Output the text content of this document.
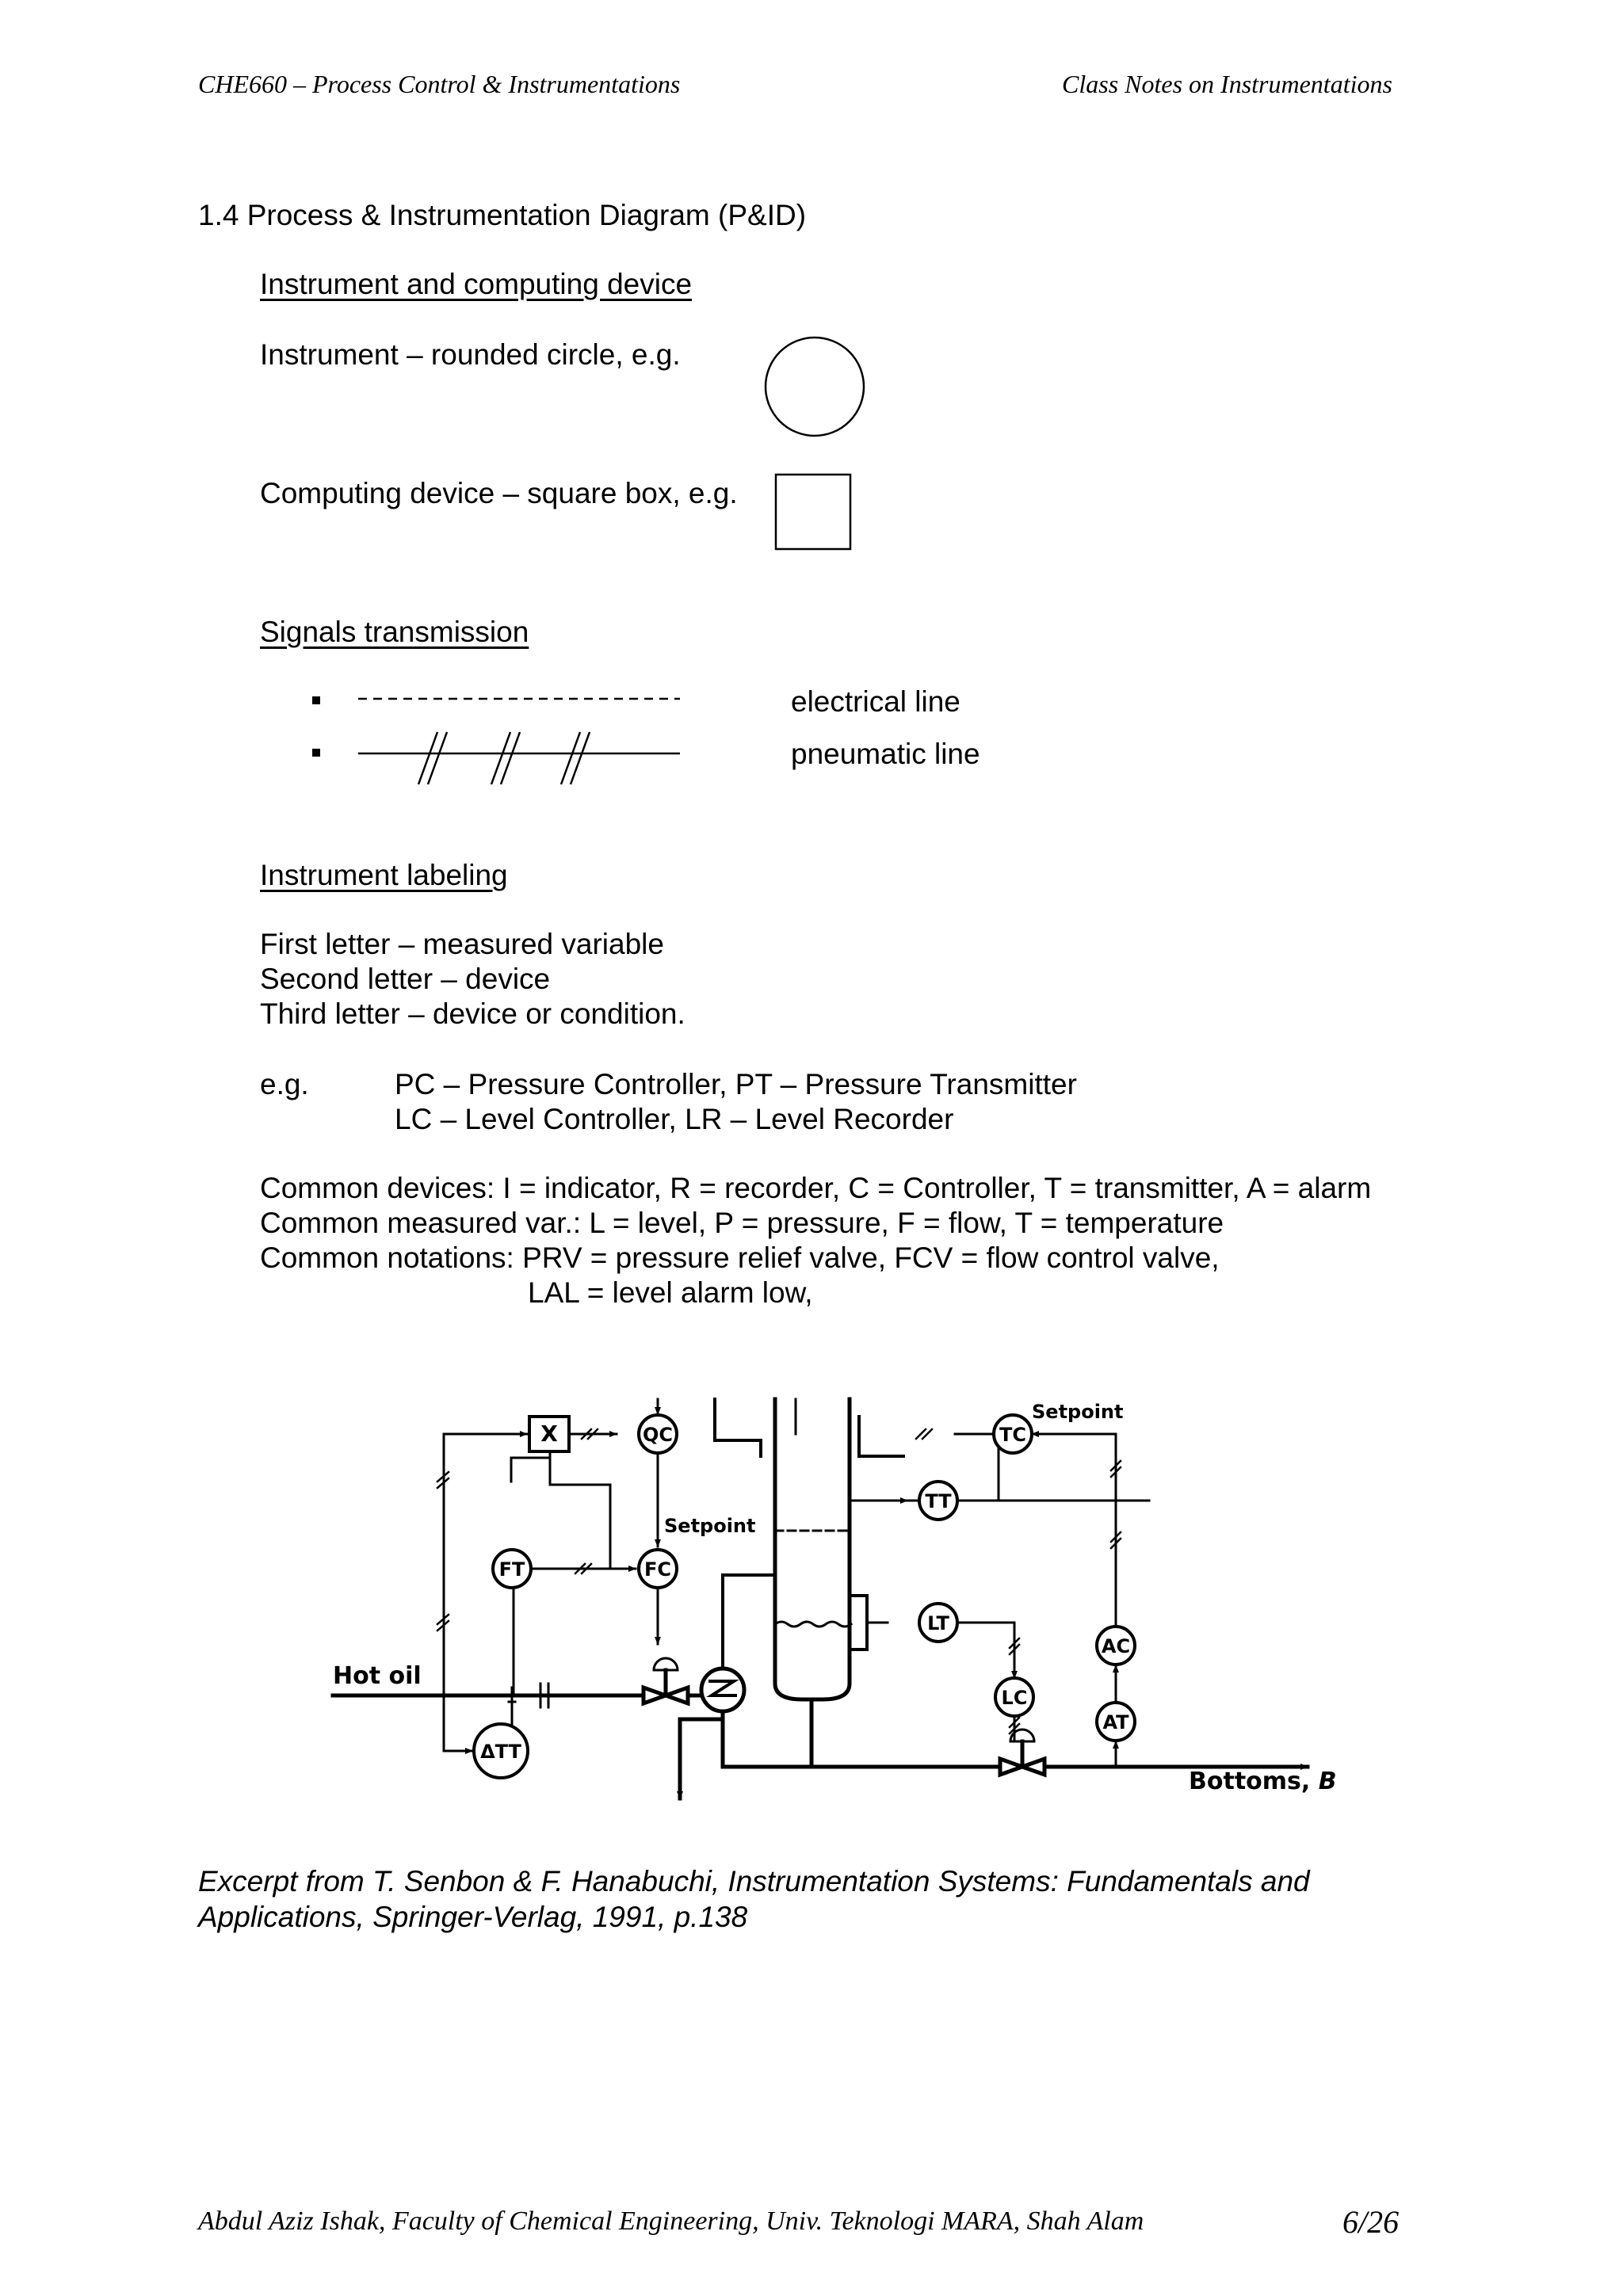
CHE660 – Process Control & Instrumentations	Class Notes on Instrumentations
1.4 Process & Instrumentation Diagram (P&ID)
Instrument and computing device
Instrument – rounded circle, e.g.
Computing device – square box, e.g.
Signals transmission
electrical line
pneumatic line
Instrument labeling
First letter – measured variable
Second letter – device
Third letter – device or condition.
e.g.	PC – Pressure Controller, PT – Pressure Transmitter
LC – Level Controller, LR – Level Recorder
Common devices: I = indicator, R = recorder, C = Controller, T = transmitter, A = alarm
Common measured var.: L = level, P = pressure, F = flow, T = temperature
Common notations: PRV = pressure relief valve, FCV = flow control valve,
LAL = level alarm low,
Hot oil
Bottoms, B
Setpoint
Setpoint
X	QC
FT	FC
ΔTT
TC
TT
LT
LC
AC
AT
Excerpt from T. Senbon & F. Hanabuchi, Instrumentation Systems: Fundamentals and
Applications, Springer-Verlag, 1991, p.138
Abdul Aziz Ishak, Faculty of Chemical Engineering, Univ. Teknologi MARA, Shah Alam	6/26
